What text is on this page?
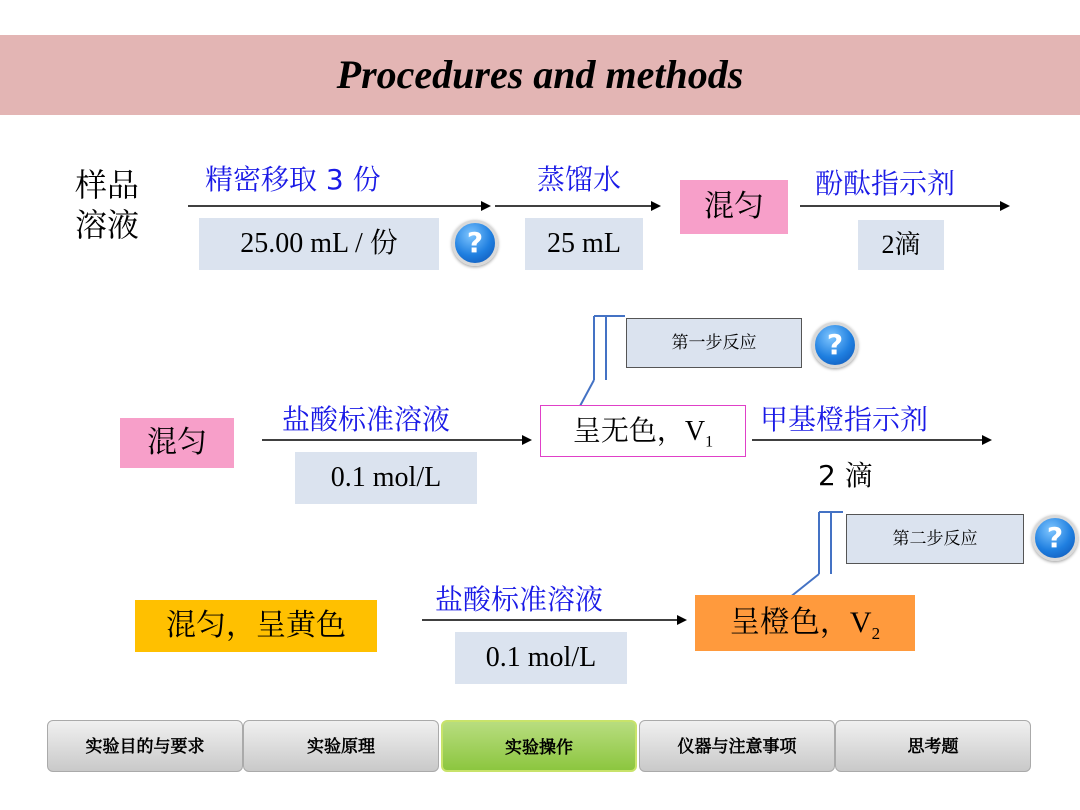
Procedures and methods
样品
溶液
精密移取 3 份
25.00 mL / 份	?
蒸馏水
25 mL
混匀
酚酞指示剂
2滴
第一步反应	?
混匀
盐酸标准溶液
0.1 mol/L
呈无色，$V_1$
甲基橙指示剂
2 滴
第二步反应	?
混匀，呈黄色
盐酸标准溶液
0.1 mol/L
呈橙色，$V_2$
实验目的与要求	实验原理	实验操作	仪器与注意事项	思考题
